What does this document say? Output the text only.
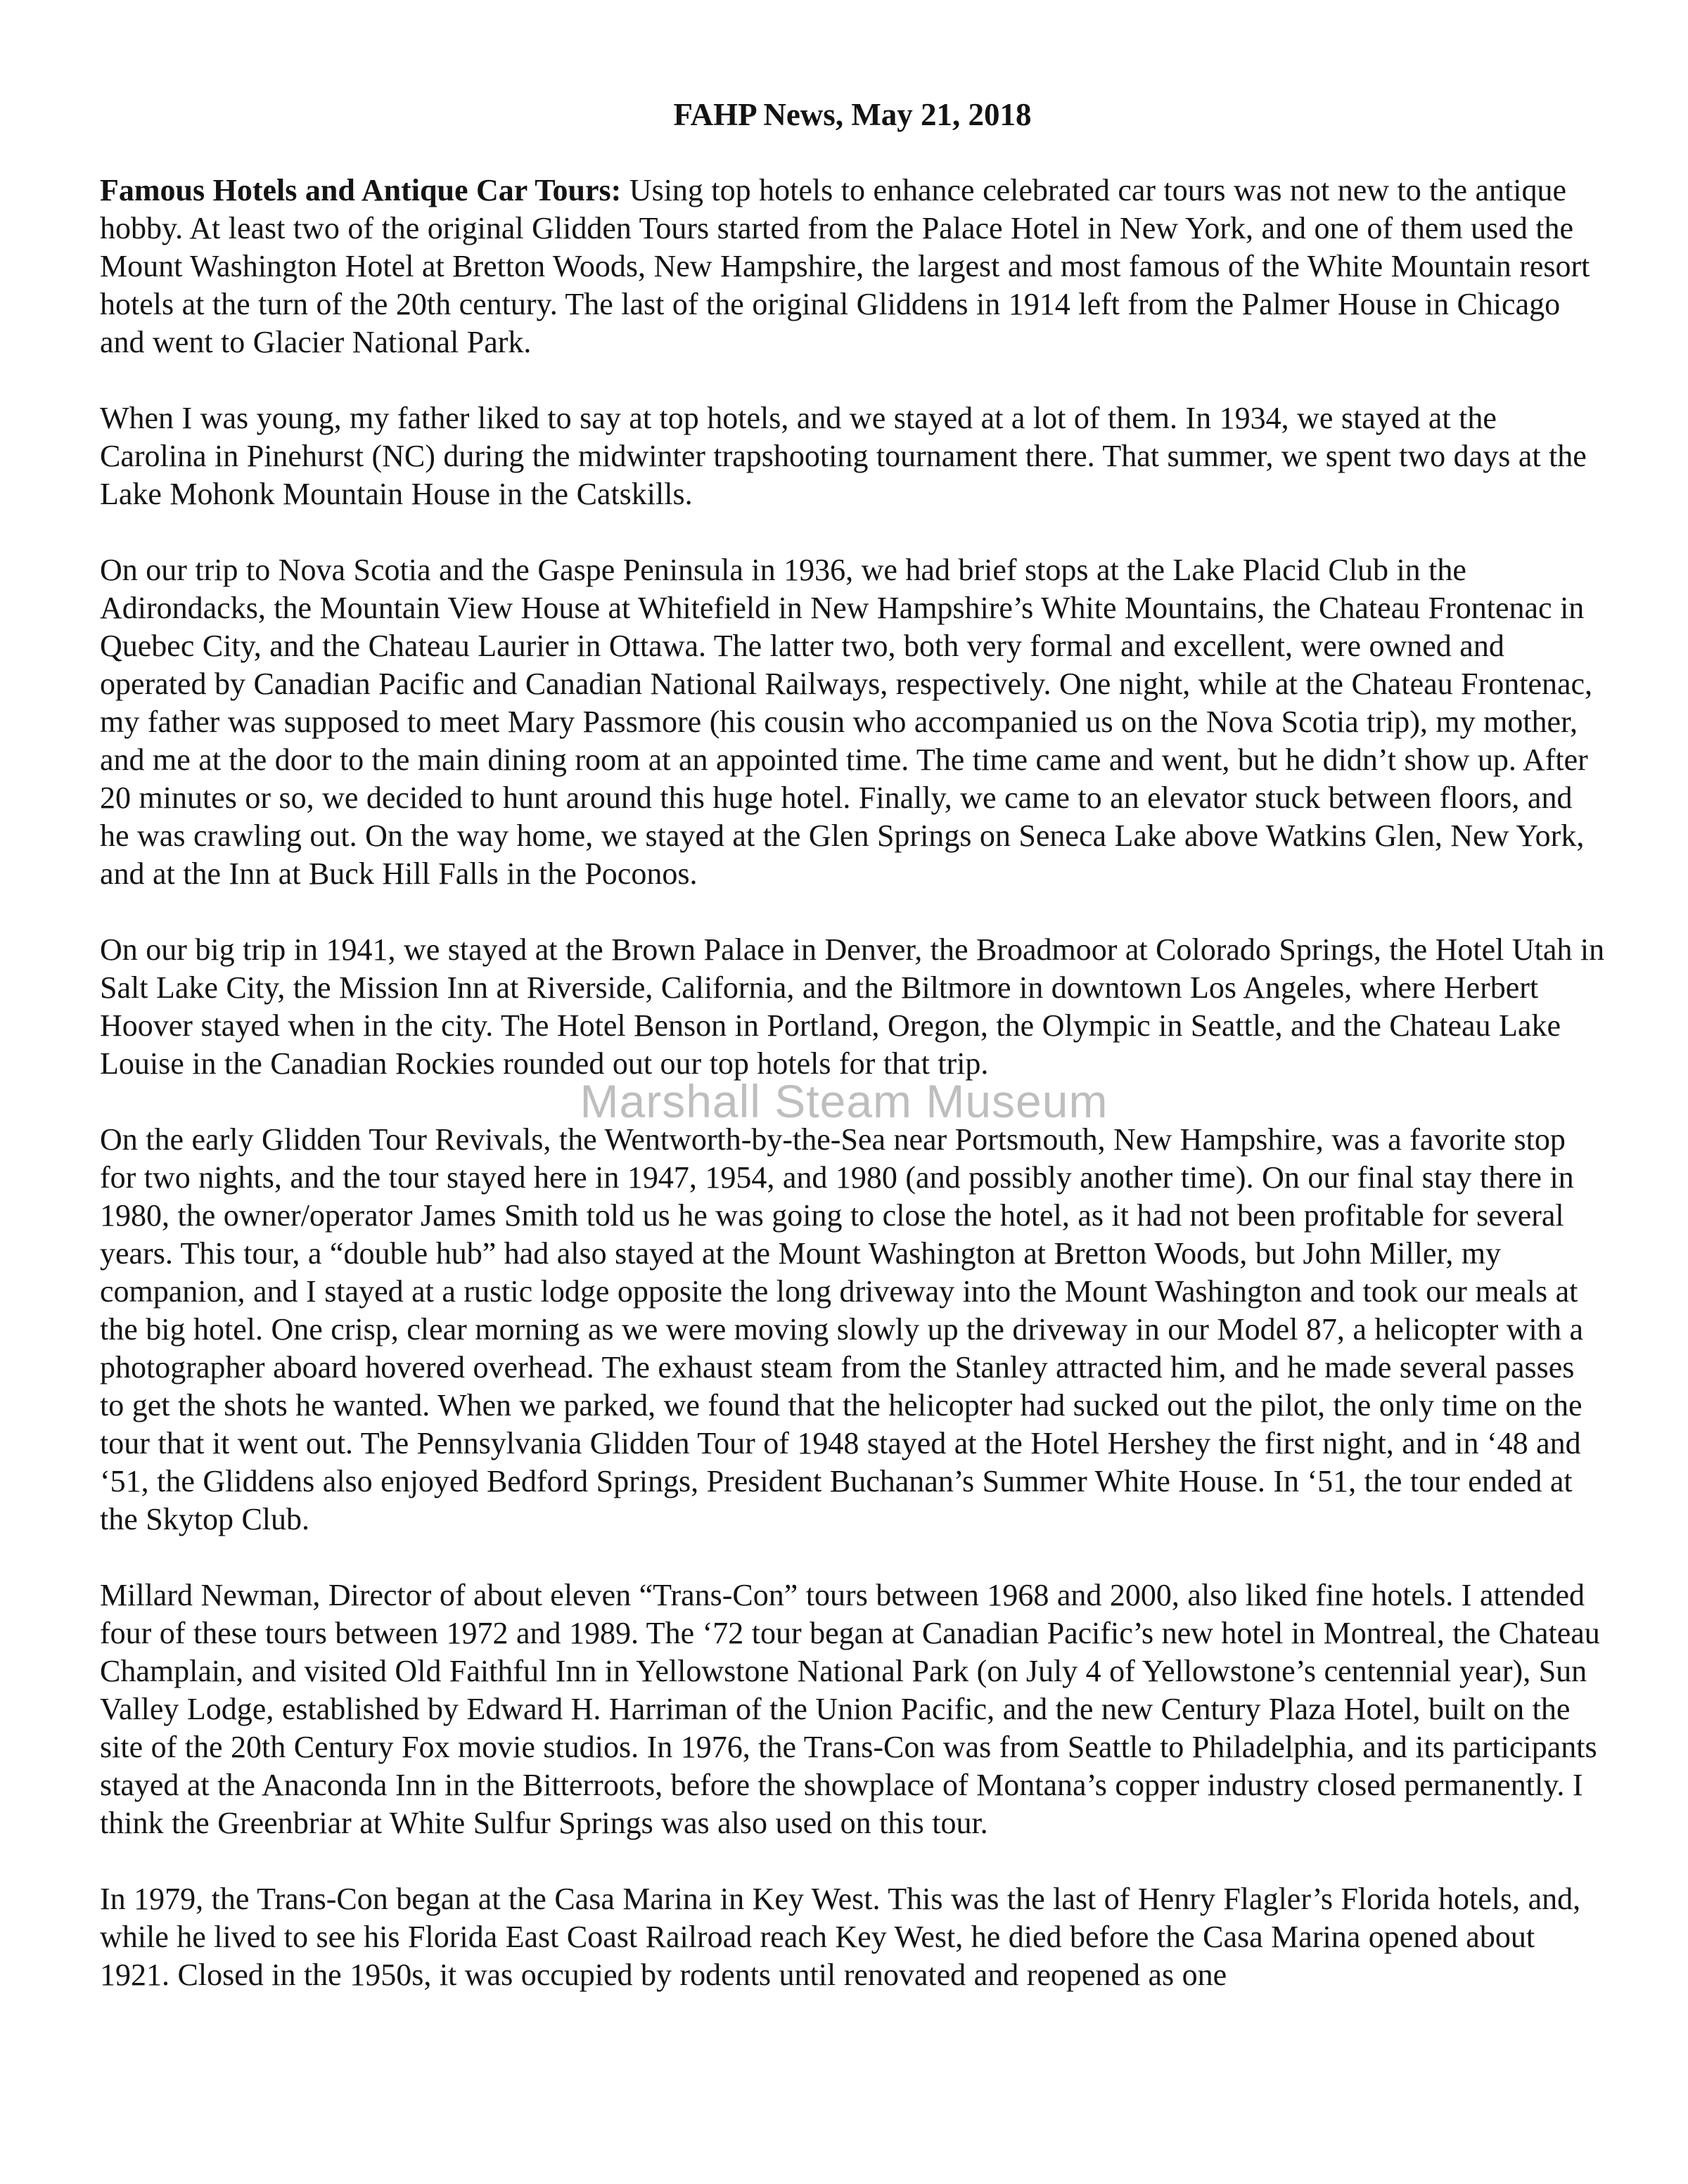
FAHP News, May 21, 2018

Famous Hotels and Antique Car Tours: Using top hotels to enhance celebrated car tours was not new to the antique hobby. At least two of the original Glidden Tours started from the Palace Hotel in New York, and one of them used the Mount Washington Hotel at Bretton Woods, New Hampshire, the largest and most famous of the White Mountain resort hotels at the turn of the 20th century. The last of the original Gliddens in 1914 left from the Palmer House in Chicago and went to Glacier National Park.

When I was young, my father liked to say at top hotels, and we stayed at a lot of them. In 1934, we stayed at the Carolina in Pinehurst (NC) during the midwinter trapshooting tournament there. That summer, we spent two days at the Lake Mohonk Mountain House in the Catskills.

On our trip to Nova Scotia and the Gaspe Peninsula in 1936, we had brief stops at the Lake Placid Club in the Adirondacks, the Mountain View House at Whitefield in New Hampshire’s White Mountains, the Chateau Frontenac in Quebec City, and the Chateau Laurier in Ottawa. The latter two, both very formal and excellent, were owned and operated by Canadian Pacific and Canadian National Railways, respectively. One night, while at the Chateau Frontenac, my father was supposed to meet Mary Passmore (his cousin who accompanied us on the Nova Scotia trip), my mother, and me at the door to the main dining room at an appointed time. The time came and went, but he didn’t show up. After 20 minutes or so, we decided to hunt around this huge hotel. Finally, we came to an elevator stuck between floors, and he was crawling out. On the way home, we stayed at the Glen Springs on Seneca Lake above Watkins Glen, New York, and at the Inn at Buck Hill Falls in the Poconos.

On our big trip in 1941, we stayed at the Brown Palace in Denver, the Broadmoor at Colorado Springs, the Hotel Utah in Salt Lake City, the Mission Inn at Riverside, California, and the Biltmore in downtown Los Angeles, where Herbert Hoover stayed when in the city. The Hotel Benson in Portland, Oregon, the Olympic in Seattle, and the Chateau Lake Louise in the Canadian Rockies rounded out our top hotels for that trip.

On the early Glidden Tour Revivals, the Wentworth-by-the-Sea near Portsmouth, New Hampshire, was a favorite stop for two nights, and the tour stayed here in 1947, 1954, and 1980 (and possibly another time). On our final stay there in 1980, the owner/operator James Smith told us he was going to close the hotel, as it had not been profitable for several years. This tour, a “double hub” had also stayed at the Mount Washington at Bretton Woods, but John Miller, my companion, and I stayed at a rustic lodge opposite the long driveway into the Mount Washington and took our meals at the big hotel. One crisp, clear morning as we were moving slowly up the driveway in our Model 87, a helicopter with a photographer aboard hovered overhead. The exhaust steam from the Stanley attracted him, and he made several passes to get the shots he wanted. When we parked, we found that the helicopter had sucked out the pilot, the only time on the tour that it went out. The Pennsylvania Glidden Tour of 1948 stayed at the Hotel Hershey the first night, and in ‘48 and ‘51, the Gliddens also enjoyed Bedford Springs, President Buchanan’s Summer White House. In ‘51, the tour ended at the Skytop Club.

Millard Newman, Director of about eleven “Trans-Con” tours between 1968 and 2000, also liked fine hotels. I attended four of these tours between 1972 and 1989. The ‘72 tour began at Canadian Pacific’s new hotel in Montreal, the Chateau Champlain, and visited Old Faithful Inn in Yellowstone National Park (on July 4 of Yellowstone’s centennial year), Sun Valley Lodge, established by Edward H. Harriman of the Union Pacific, and the new Century Plaza Hotel, built on the site of the 20th Century Fox movie studios. In 1976, the Trans-Con was from Seattle to Philadelphia, and its participants stayed at the Anaconda Inn in the Bitterroots, before the showplace of Montana’s copper industry closed permanently. I think the Greenbriar at White Sulfur Springs was also used on this tour.

In 1979, the Trans-Con began at the Casa Marina in Key West. This was the last of Henry Flagler’s Florida hotels, and, while he lived to see his Florida East Coast Railroad reach Key West, he died before the Casa Marina opened about 1921. Closed in the 1950s, it was occupied by rodents until renovated and reopened as one

Marshall Steam Museum
